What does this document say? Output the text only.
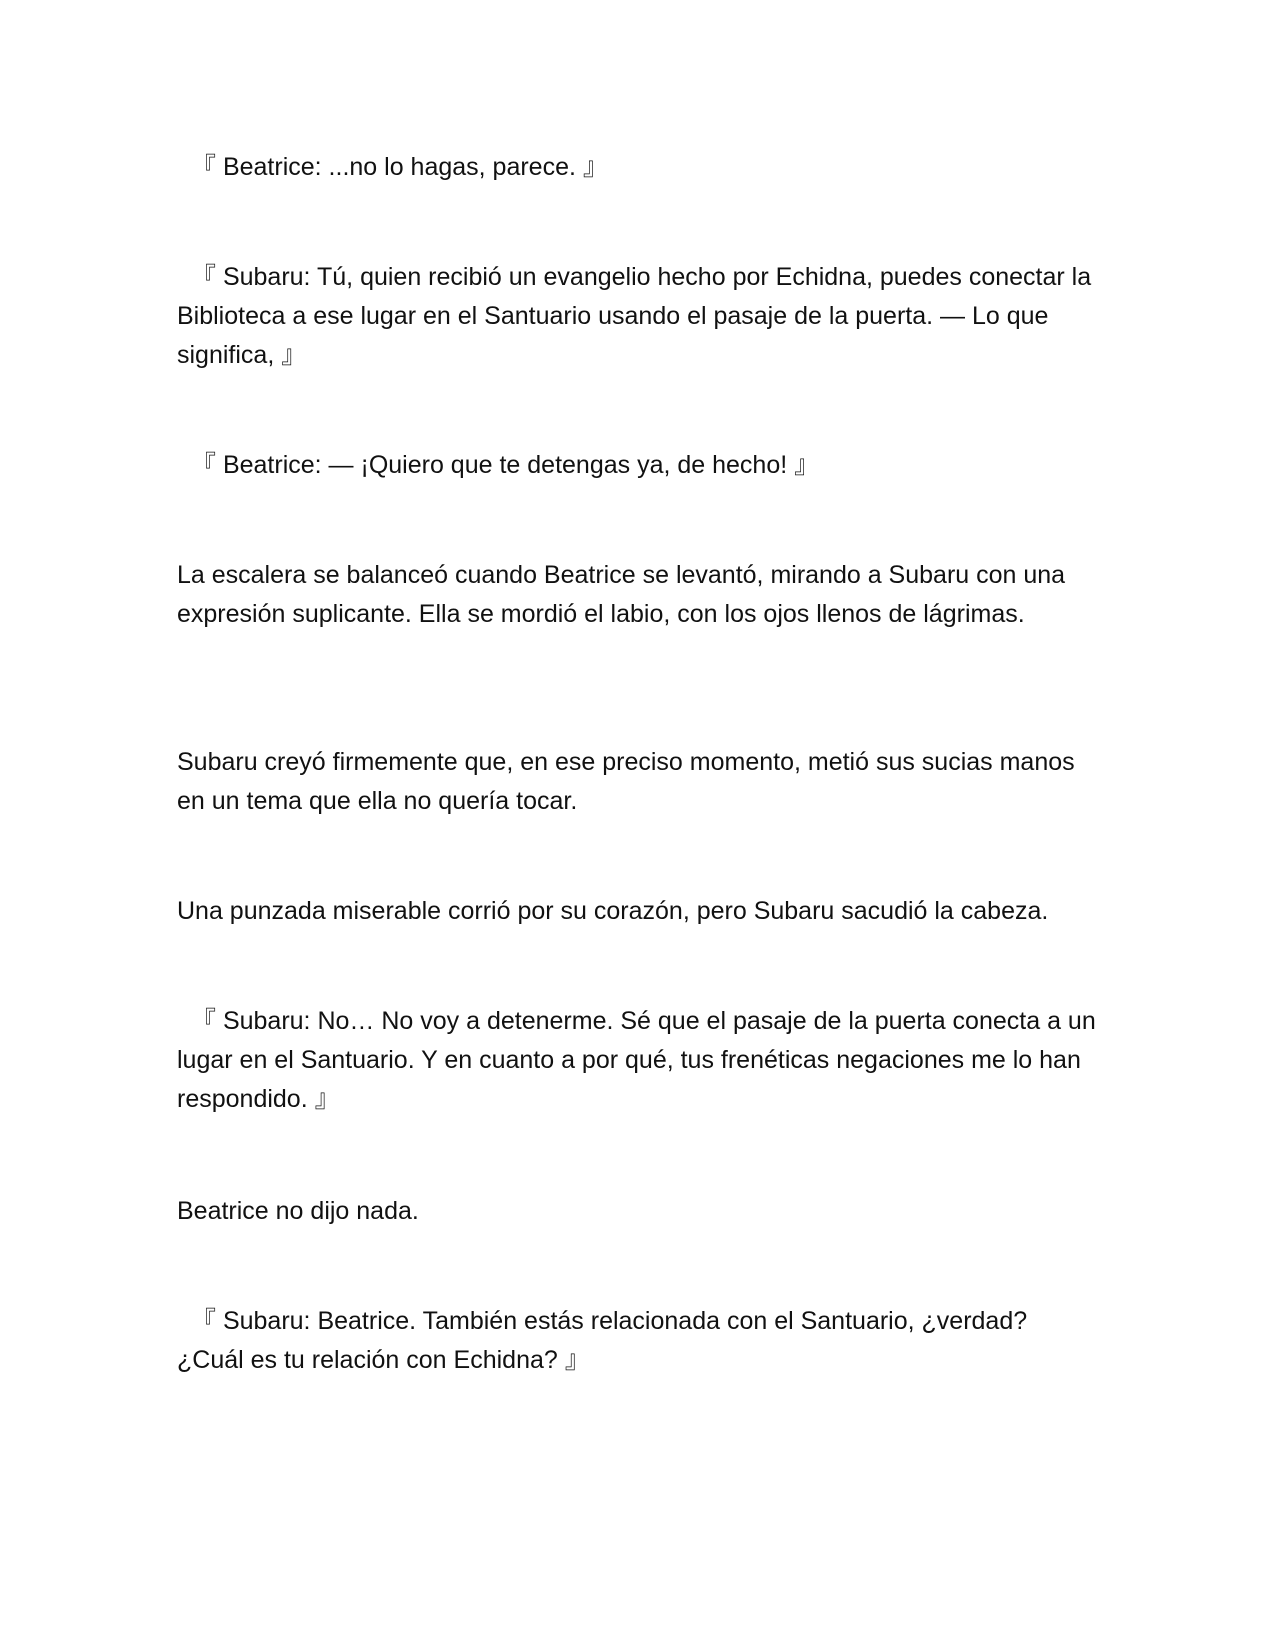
『 Beatrice: ...no lo hagas, parece. 』

『 Subaru: Tú, quien recibió un evangelio hecho por Echidna, puedes conectar la Biblioteca a ese lugar en el Santuario usando el pasaje de la puerta. — Lo que significa, 』

『 Beatrice: — ¡Quiero que te detengas ya, de hecho! 』

La escalera se balanceó cuando Beatrice se levantó, mirando a Subaru con una expresión suplicante. Ella se mordió el labio, con los ojos llenos de lágrimas.

Subaru creyó firmemente que, en ese preciso momento, metió sus sucias manos en un tema que ella no quería tocar.

Una punzada miserable corrió por su corazón, pero Subaru sacudió la cabeza.

『 Subaru: No… No voy a detenerme. Sé que el pasaje de la puerta conecta a un lugar en el Santuario. Y en cuanto a por qué, tus frenéticas negaciones me lo han respondido. 』

Beatrice no dijo nada.

『 Subaru: Beatrice. También estás relacionada con el Santuario, ¿verdad? ¿Cuál es tu relación con Echidna? 』
